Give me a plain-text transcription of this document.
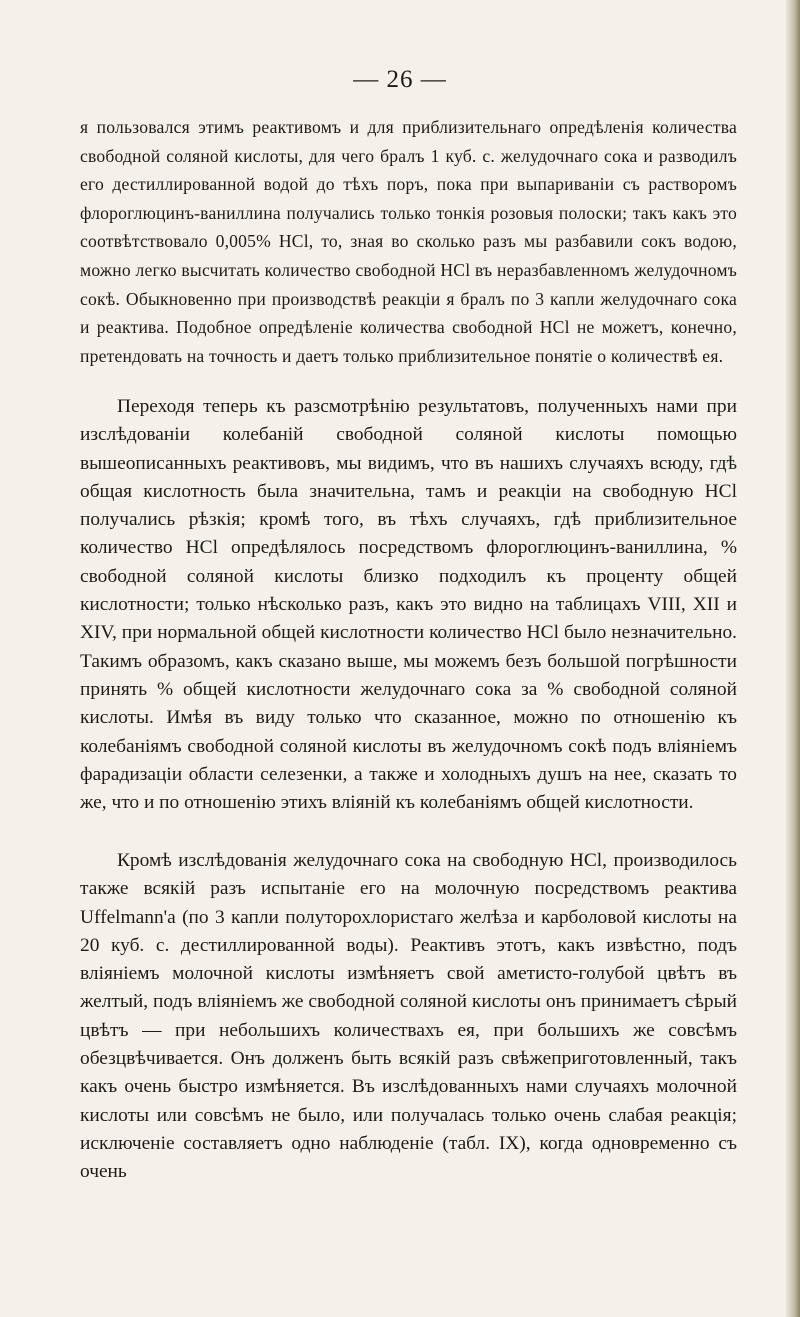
— 26 —

я пользовался этимъ реактивомъ и для приблизительнаго опредѣленія количества свободной соляной кислоты, для чего бралъ 1 куб. с. желудочнаго сока и разводилъ его дестиллированной водой до тѣхъ поръ, пока при выпариваніи съ растворомъ флороглюцинъ-ваниллина получались только тонкія розовыя полоски; такъ какъ это соотвѣтствовало 0,005% НСl, то, зная во сколько разъ мы разбавили сокъ водою, можно легко высчитать количество свободной НСl въ неразбавленномъ желудочномъ сокѣ. Обыкновенно при производствѣ реакціи я бралъ по 3 капли желудочнаго сока и реактива. Подобное опредѣленіе количества свободной НСl не можетъ, конечно, претендовать на точность и даетъ только приблизительное понятіе о количествѣ ея.

Переходя теперь къ разсмотрѣнію результатовъ, полученныхъ нами при изслѣдованіи колебаній свободной соляной кислоты помощью вышеописанныхъ реактивовъ, мы видимъ, что въ нашихъ случаяхъ всюду, гдѣ общая кислотность была значительна, тамъ и реакціи на свободную НСl получались рѣзкія; кромѣ того, въ тѣхъ случаяхъ, гдѣ приблизительное количество НСl опредѣлялось посредствомъ флороглюцинъ-ваниллина, % свободной соляной кислоты близко подходилъ къ проценту общей кислотности; только нѣсколько разъ, какъ это видно на таблицахъ VIII, XII и XIV, при нормальной общей кислотности количество НСl было незначительно. Такимъ образомъ, какъ сказано выше, мы можемъ безъ большой погрѣшности принять % общей кислотности желудочнаго сока за % свободной соляной кислоты. Имѣя въ виду только что сказанное, можно по отношенію къ колебаніямъ свободной соляной кислоты въ желудочномъ сокѣ подъ вліяніемъ фарадизаціи области селезенки, а также и холодныхъ душъ на нее, сказать то же, что и по отношенію этихъ вліяній къ колебаніямъ общей кислотности.

Кромѣ изслѣдованія желудочнаго сока на свободную НСl, производилось также всякій разъ испытаніе его на молочную посредствомъ реактива Uffelmann'а (по 3 капли полуторохлористаго желѣза и карболовой кислоты на 20 куб. с. дестиллированной воды). Реактивъ этотъ, какъ извѣстно, подъ вліяніемъ молочной кислоты измѣняетъ свой аметисто-голубой цвѣтъ въ желтый, подъ вліяніемъ же свободной соляной кислоты онъ принимаетъ сѣрый цвѣтъ — при небольшихъ количествахъ ея, при большихъ же совсѣмъ обезцвѣчивается. Онъ долженъ быть всякій разъ свѣжеприготовленный, такъ какъ очень быстро измѣняется. Въ изслѣдованныхъ нами случаяхъ молочной кислоты или совсѣмъ не было, или получалась только очень слабая реакція; исключеніе составляетъ одно наблюденіе (табл. IX), когда одновременно съ очень
